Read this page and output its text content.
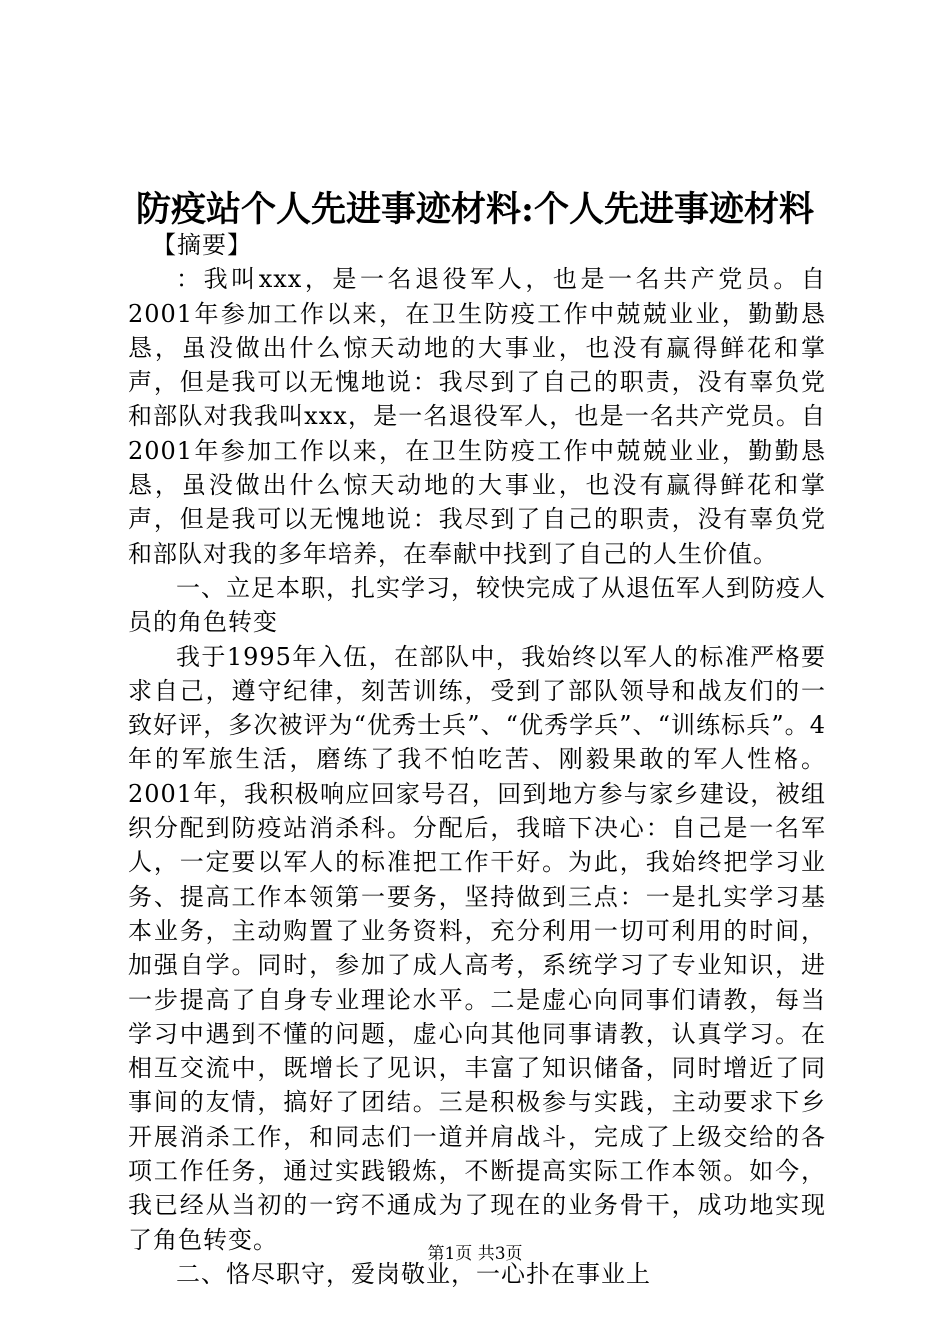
防疫站个人先进事迹材料:个人先进事迹材料

【摘要】

：我叫xxx，是一名退役军人，也是一名共产党员。自2001年参加工作以来，在卫生防疫工作中兢兢业业，勤勤恳恳，虽没做出什么惊天动地的大事业，也没有赢得鲜花和掌声，但是我可以无愧地说：我尽到了自己的职责，没有辜负党和部队对我我叫xxx，是一名退役军人，也是一名共产党员。自2001年参加工作以来，在卫生防疫工作中兢兢业业，勤勤恳恳，虽没做出什么惊天动地的大事业，也没有赢得鲜花和掌声，但是我可以无愧地说：我尽到了自己的职责，没有辜负党和部队对我的多年培养，在奉献中找到了自己的人生价值。

一、立足本职，扎实学习，较快完成了从退伍军人到防疫人员的角色转变

我于1995年入伍，在部队中，我始终以军人的标准严格要求自己，遵守纪律，刻苦训练，受到了部队领导和战友们的一致好评，多次被评为“优秀士兵”、“优秀学兵”、“训练标兵”。4年的军旅生活，磨练了我不怕吃苦、刚毅果敢的军人性格。2001年，我积极响应回家号召，回到地方参与家乡建设，被组织分配到防疫站消杀科。分配后，我暗下决心：自己是一名军人，一定要以军人的标准把工作干好。为此，我始终把学习业务、提高工作本领第一要务，坚持做到三点：一是扎实学习基本业务，主动购置了业务资料，充分利用一切可利用的时间，加强自学。同时，参加了成人高考，系统学习了专业知识，进一步提高了自身专业理论水平。二是虚心向同事们请教，每当学习中遇到不懂的问题，虚心向其他同事请教，认真学习。在相互交流中，既增长了见识，丰富了知识储备，同时增近了同事间的友情，搞好了团结。三是积极参与实践，主动要求下乡开展消杀工作，和同志们一道并肩战斗，完成了上级交给的各项工作任务，通过实践锻炼，不断提高实际工作本领。如今，我已经从当初的一窍不通成为了现在的业务骨干，成功地实现了角色转变。

二、恪尽职守，爱岗敬业，一心扑在事业上

第1页 共3页
